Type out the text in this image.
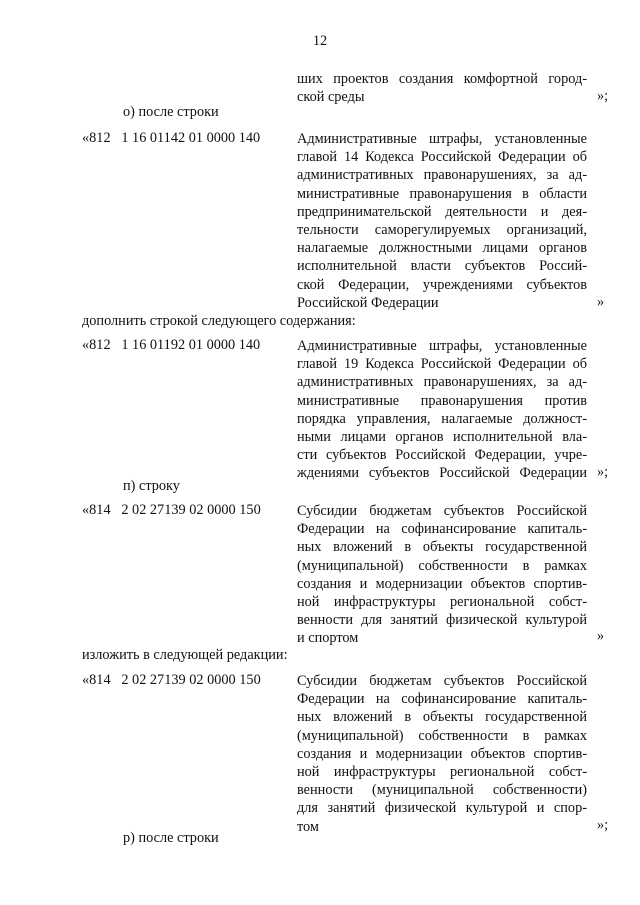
12
ших проектов создания комфортной город-
ской среды	»;
о) после строки
«812   1 16 01142 01 0000 140	Административные штрафы, установленные
главой 14 Кодекса Российской Федерации об
административных правонарушениях, за ад-
министративные правонарушения в области
предпринимательской деятельности и дея-
тельности саморегулируемых организаций,
налагаемые должностными лицами органов
исполнительной власти субъектов Россий-
ской Федерации, учреждениями субъектов
Российской Федерации	»
дополнить строкой следующего содержания:
«812   1 16 01192 01 0000 140	Административные штрафы, установленные
главой 19 Кодекса Российской Федерации об
административных правонарушениях, за ад-
министративные правонарушения против
порядка управления, налагаемые должност-
ными лицами органов исполнительной вла-
сти субъектов Российской Федерации, учре-
ждениями субъектов Российской Федерации »;
п) строку
«814   2 02 27139 02 0000 150	Субсидии бюджетам субъектов Российской
Федерации на софинансирование капиталь-
ных вложений в объекты государственной
(муниципальной) собственности в рамках
создания и модернизации объектов спортив-
ной инфраструктуры региональной собст-
венности для занятий физической культурой
и спортом	»
изложить в следующей редакции:
«814   2 02 27139 02 0000 150	Субсидии бюджетам субъектов Российской
Федерации на софинансирование капиталь-
ных вложений в объекты государственной
(муниципальной) собственности в рамках
создания и модернизации объектов спортив-
ной инфраструктуры региональной собст-
венности (муниципальной собственности)
для занятий физической культурой и спор-
том	»;
р) после строки
